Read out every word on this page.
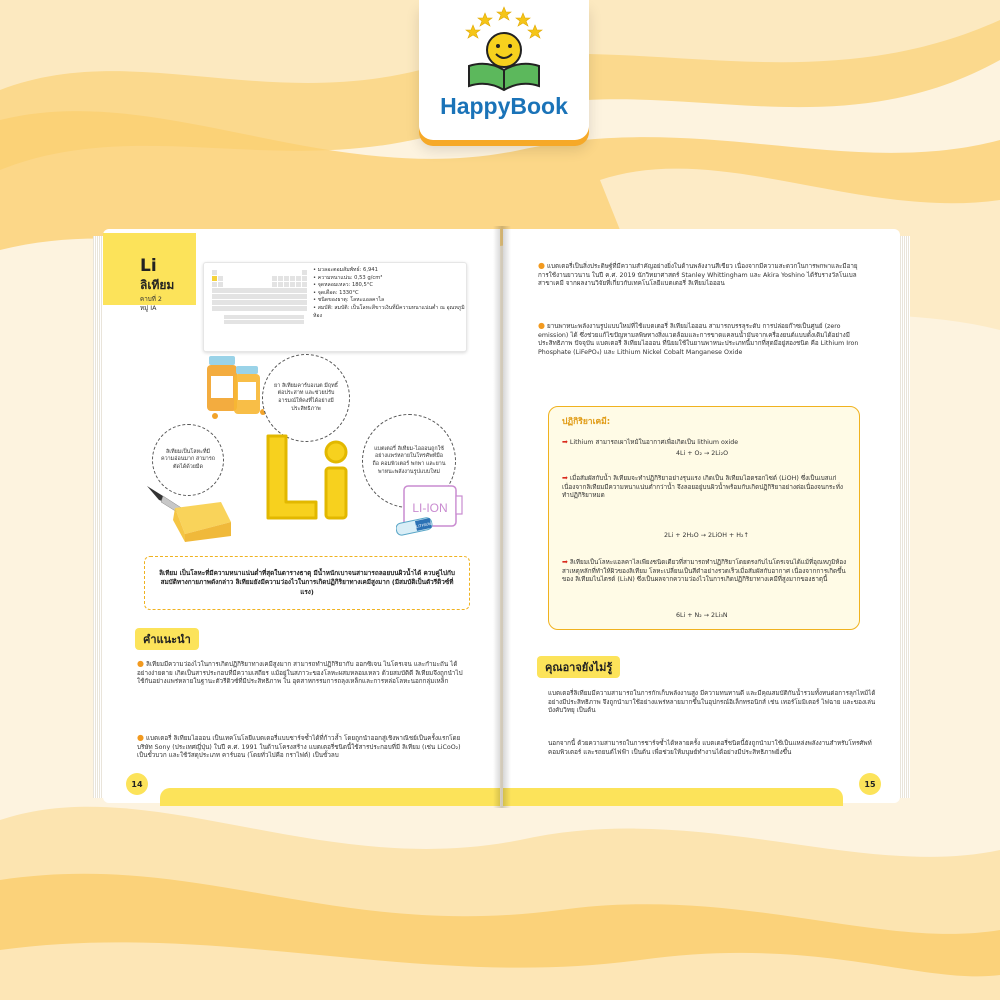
HappyBook
Li
ลิเทียม
คาบที่ 2
หมู่ IA
• มวลอะตอมสัมพัทธ์: 6,941
• ความหนาแน่น: 0,53 g/cm³
• จุดหลอมเหลว: 180,5°C
• จุดเดือด: 1330°C
• ชนิดของธาตุ: โลหะแอลคาไล
• สมบัติ: สมบัติ: เป็นโลหะสีขาวเงินที่มีความหนาแน่นต่ำ ณ อุณหภูมิห้อง
ยา ลิเทียมคาร์บอเนต มีฤทธิ์ต่อประสาท และช่วยปรับอารมณ์ให้คงที่ได้อย่างมีประสิทธิภาพ
ลิเทียมเป็นโลหะที่มีความอ่อนมาก สามารถตัดได้ด้วยมีด
แบตเตอรี่ ลิเทียม-ไอออนถูกใช้อย่างแพร่หลายในโทรศัพท์มือถือ คอมพิวเตอร์ พกพา และยานพาหนะพลังงานรูปแบบใหม่
LI-ION
LITHIUM
ลิเทียม เป็นโลหะที่มีความหนาแน่นต่ำที่สุดในตารางธาตุ มีน้ำหนักเบาจนสามารถลอยบนผิวน้ำได้ ควบคู่ไปกับสมบัติทางกายภาพดังกล่าว ลิเทียมยังมีความว่องไวในการเกิดปฏิกิริยาทางเคมีสูงมาก (มีสมบัติเป็นตัวรีดิวซ์ที่แรง)
คำแนะนำ
● ลิเทียมมีความว่องไวในการเกิดปฏิกิริยาทางเคมีสูงมาก สามารถทำปฏิกิริยากับ ออกซิเจน ไนโตรเจน และกำมะถัน ได้อย่างง่ายดาย เกิดเป็นสารประกอบที่มีความเสถียร แม้อยู่ในสภาวะของโลหะผสมหลอมเหลว ด้วยสมบัติดี ลิเทียมจึงถูกนำไปใช้กันอย่างแพร่หลายในฐานะตัวรีดิวซ์ที่มีประสิทธิภาพ ใน อุตสาหกรรมการถลุงเหล็กและการหล่อโลหะนอกกลุ่มเหล็ก
● แบตเตอรี่ ลิเทียมไอออน เป็นเทคโนโลยีแบตเตอรี่แบบชาร์จซ้ำได้ที่ก้าวล้ำ โดยถูกนำออกสู่เชิงพาณิชย์เป็นครั้งแรกโดยบริษัท Sony (ประเทศญี่ปุ่น) ในปี ค.ศ. 1991 ในด้านโครงสร้าง แบตเตอรี่ชนิดนี้ใช้สารประกอบที่มี ลิเทียม (เช่น LiCoO₂) เป็นขั้วบวก และใช้วัสดุประเภท คาร์บอน (โดยทั่วไปคือ กราไฟต์) เป็นขั้วลบ
14
● แบตเตอรี่เป็นสิ่งประดิษฐ์ที่มีความสำคัญอย่างยิ่งในด้านพลังงานสีเขียว เนื่องจากมีความสะดวกในการพกพาและมีอายุการใช้งานยาวนาน ในปี ค.ศ. 2019 นักวิทยาศาสตร์ Stanley Whittingham และ Akira Yoshino ได้รับรางวัลโนเบลสาขาเคมี จากผลงานวิจัยที่เกี่ยวกับเทคโนโลยีแบตเตอรี่ ลิเทียมไอออน
● ยานพาหนะพลังงานรูปแบบใหม่ที่ใช้แบตเตอรี่ ลิเทียมไอออน สามารถบรรลุระดับ การปล่อยก๊าซเป็นศูนย์ (zero emission) ได้ ซึ่งช่วยแก้ไขปัญหามลพิษทางสิ่งแวดล้อมและการขาดแคลนน้ำมันจากเครื่องยนต์แบบดั้งเดิมได้อย่างมีประสิทธิภาพ ปัจจุบัน แบตเตอรี่ ลิเทียมไอออน ที่นิยมใช้ในยานพาหนะประเภทนี้มากที่สุดมีอยู่สองชนิด คือ Lithium Iron Phosphate (LiFePO₄) และ Lithium Nickel Cobalt Manganese Oxide
ปฏิกิริยาเคมี:
➡ Lithium สามารถเผาไหม้ในอากาศเพื่อเกิดเป็น lithium oxide
4Li + O₂ → 2Li₂O
➡ เมื่อสัมผัสกับน้ำ ลิเทียมจะทำปฏิกิริยาอย่างรุนแรง เกิดเป็น ลิเทียมไฮดรอกไซด์ (LiOH) ซึ่งเป็นเบสแก่ เนื่องจากลิเทียมมีความหนาแน่นต่ำกว่าน้ำ จึงลอยอยู่บนผิวน้ำพร้อมกับเกิดปฏิกิริยาอย่างต่อเนื่องจนกระทั่งทำปฏิกิริยาหมด
2Li + 2H₂O → 2LiOH + H₂↑
➡ ลิเทียมเป็นโลหะแอลคาไลเพียงชนิดเดียวที่สามารถทำปฏิกิริยาโดยตรงกับไนโตรเจนได้แม้ที่อุณหภูมิห้องสาเหตุหลักที่ทำให้ผิวของลิเทียม โลหะเปลี่ยนเป็นสีดำอย่างรวดเร็วเมื่อสัมผัสกับอากาศ เนื่องจากการเกิดขึ้นของ ลิเทียมไนไตรด์ (Li₃N) ซึ่งเป็นผลจากความว่องไวในการเกิดปฏิกิริยาทางเคมีที่สูงมากของธาตุนี้
6Li + N₂ → 2Li₃N
คุณอาจยังไม่รู้
แบตเตอรี่ลิเทียมมีความสามารถในการกักเก็บพลังงานสูง มีความทนทานดี และมีคุณสมบัติกันน้ำรวมทั้งทนต่อการลุกไหม้ได้อย่างมีประสิทธิภาพ จึงถูกนำมาใช้อย่างแพร่หลายมากขึ้นในอุปกรณ์อิเล็กทรอนิกส์ เช่น เทอร์โมมิเตอร์ ไฟฉาย และของเล่นบังคับวิทยุ เป็นต้น
นอกจากนี้ ด้วยความสามารถในการชาร์จซ้ำได้หลายครั้ง แบตเตอรี่ชนิดนี้ยังถูกนำมาใช้เป็นแหล่งพลังงานสำหรับโทรศัพท์ คอมพิวเตอร์ และรถยนต์ไฟฟ้า เป็นต้น เพื่อช่วยให้มนุษย์ทำงานได้อย่างมีประสิทธิภาพยิ่งขึ้น
15
